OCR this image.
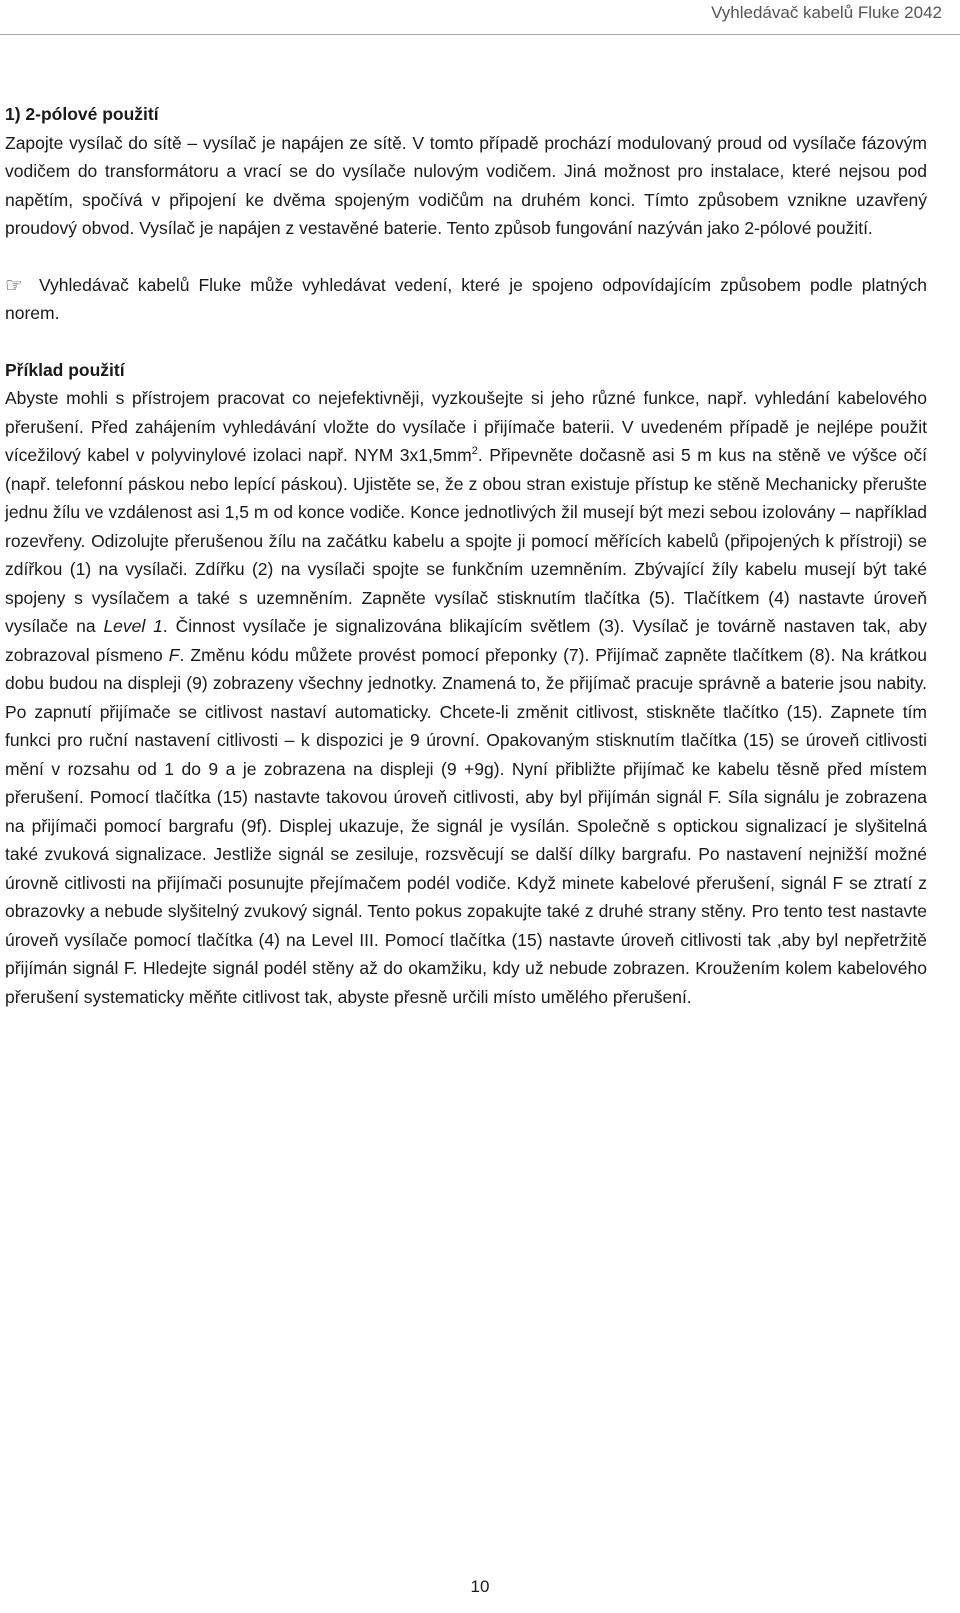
Vyhledávač kabelů Fluke 2042

1) 2-pólové použití

Zapojte vysílač do sítě – vysílač je napájen ze sítě. V tomto případě prochází modulovaný proud od vysílače fázovým vodičem do transformátoru a vrací se do vysílače nulovým vodičem. Jiná možnost pro instalace, které nejsou pod napětím, spočívá v připojení ke dvěma spojeným vodičům na druhém konci. Tímto způsobem vznikne uzavřený proudový obvod. Vysílač je napájen z vestavěné baterie. Tento způsob fungování nazýván jako 2-pólové použití.

☞ Vyhledávač kabelů Fluke může vyhledávat vedení, které je spojeno odpovídajícím způsobem podle platných norem.

Příklad použití

Abyste mohli s přístrojem pracovat co nejefektivněji, vyzkoušejte si jeho různé funkce, např. vyhledání kabelového přerušení. Před zahájením vyhledávání vložte do vysílače i přijímače baterii. V uvedeném případě je nejlépe použit vícežilový kabel v polyvinylové izolaci např. NYM $3x1,5mm^2$. Připevněte dočasně asi 5 m kus na stěně ve výšce očí (např. telefonní páskou nebo lepící páskou). Ujistěte se, že z obou stran existuje přístup ke stěně Mechanicky přerušte jednu žílu ve vzdálenost asi 1,5 m od konce vodiče. Konce jednotlivých žil musejí být mezi sebou izolovány – například rozevřeny. Odizolujte přerušenou žílu na začátku kabelu a spojte ji pomocí měřících kabelů (připojených k přístroji) se zdířkou (1) na vysílači. Zdířku (2) na vysílači spojte se funkčním uzemněním. Zbývající žíly kabelu musejí být také spojeny s vysílačem a také s uzemněním. Zapněte vysílač stisknutím tlačítka (5). Tlačítkem (4) nastavte úroveň vysílače na Level 1. Činnost vysílače je signalizována blikajícím světlem (3). Vysílač je továrně nastaven tak, aby zobrazoval písmeno F. Změnu kódu můžete provést pomocí přeponky (7). Přijímač zapněte tlačítkem (8). Na krátkou dobu budou na displeji (9) zobrazeny všechny jednotky. Znamená to, že přijímač pracuje správně a baterie jsou nabity. Po zapnutí přijímače se citlivost nastaví automaticky. Chcete-li změnit citlivost, stiskněte tlačítko (15). Zapnete tím funkci pro ruční nastavení citlivosti – k dispozici je 9 úrovní. Opakovaným stisknutím tlačítka (15) se úroveň citlivosti mění v rozsahu od 1 do 9 a je zobrazena na displeji (9 +9g). Nyní přibližte přijímač ke kabelu těsně před místem přerušení. Pomocí tlačítka (15) nastavte takovou úroveň citlivosti, aby byl přijímán signál F. Síla signálu je zobrazena na přijímači pomocí bargrafu (9f). Displej ukazuje, že signál je vysílán. Společně s optickou signalizací je slyšitelná také zvuková signalizace. Jestliže signál se zesiluje, rozsvěcují se další dílky bargrafu. Po nastavení nejnižší možné úrovně citlivosti na přijímači posunujte přejímačem podél vodiče. Když minete kabelové přerušení, signál F se ztratí z obrazovky a nebude slyšitelný zvukový signál. Tento pokus zopakujte také z druhé strany stěny. Pro tento test nastavte úroveň vysílače pomocí tlačítka (4) na Level III. Pomocí tlačítka (15) nastavte úroveň citlivosti tak ,aby byl nepřetržitě přijímán signál F. Hledejte signál podél stěny až do okamžiku, kdy už nebude zobrazen. Kroužením kolem kabelového přerušení systematicky měňte citlivost tak, abyste přesně určili místo umělého přerušení.

10
